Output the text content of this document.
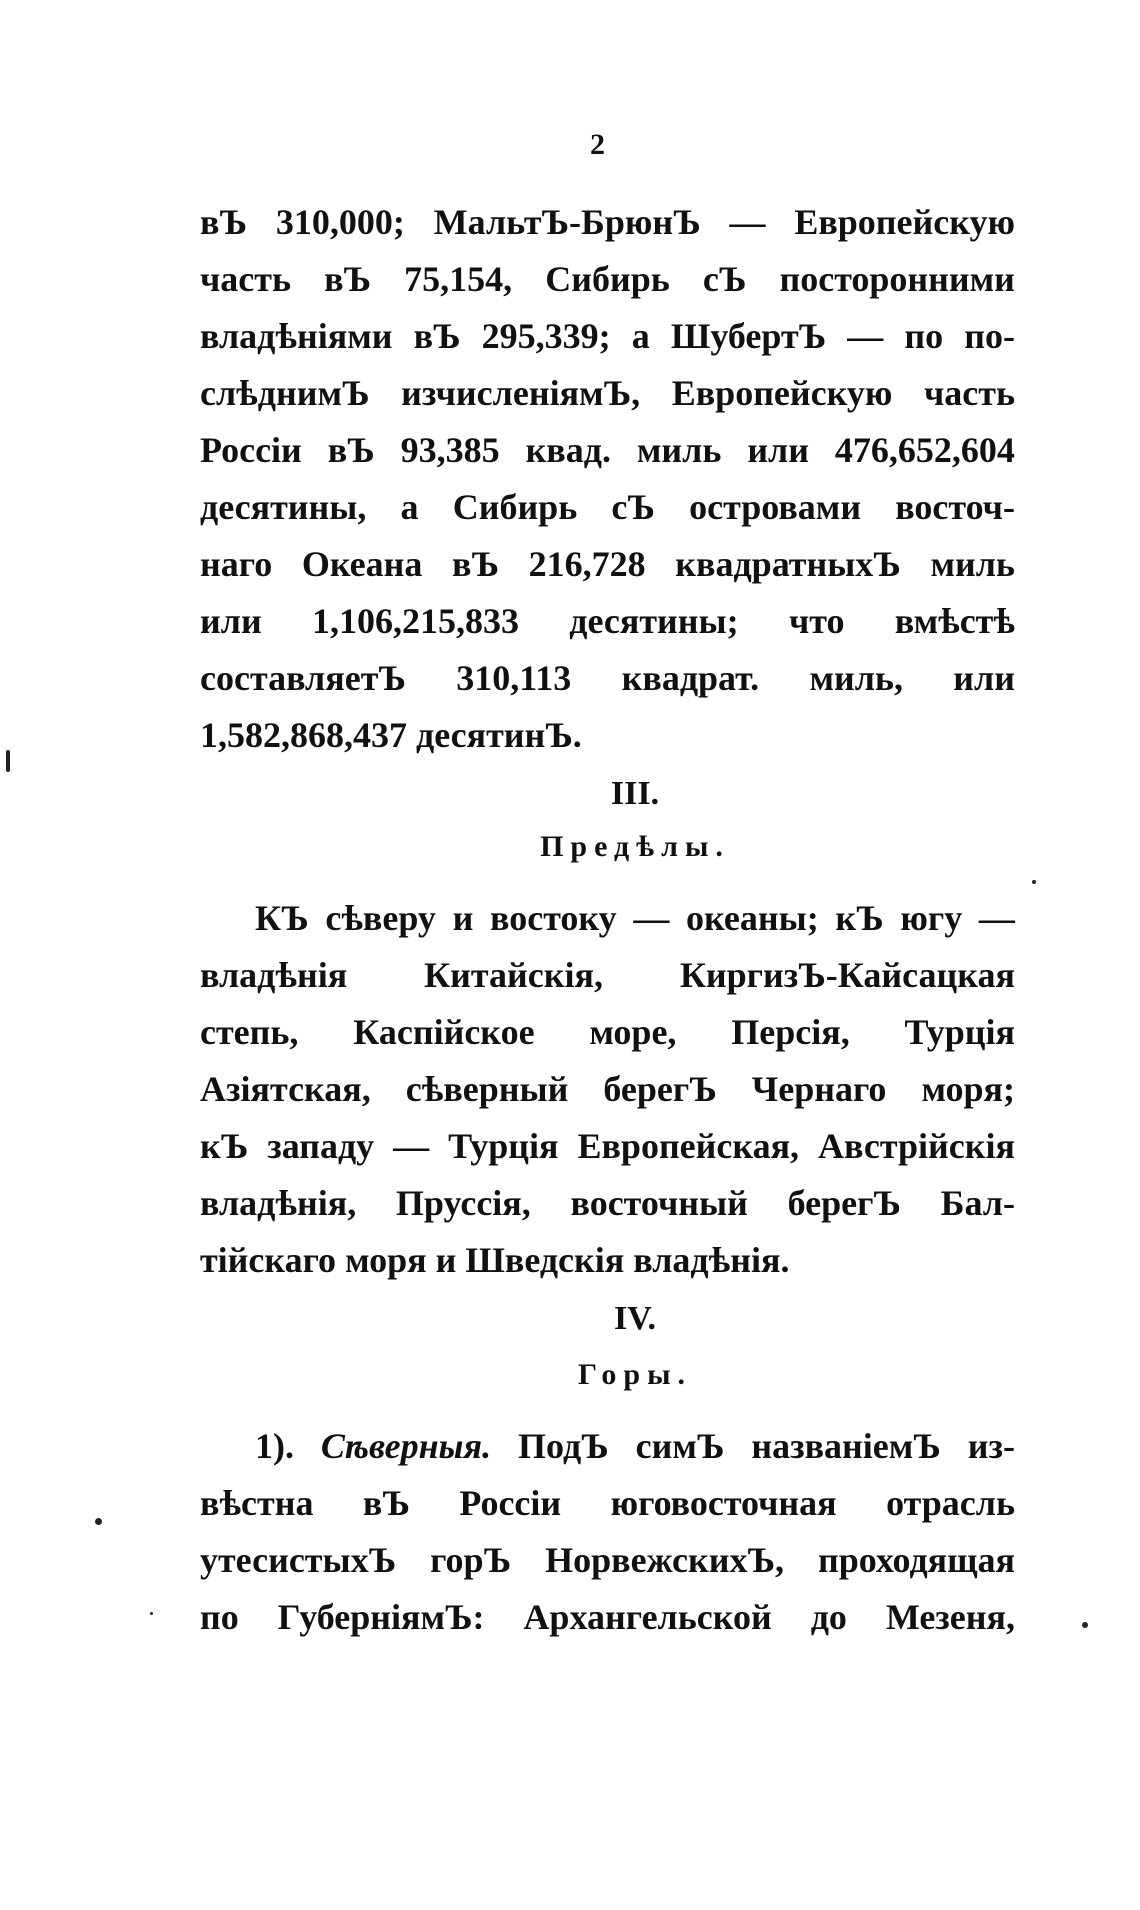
2
вЪ 310,000; МальтЪ-БрюнЪ — Европейскую
часть вЪ 75,154, Сибирь сЪ посторонними
владѣніями вЪ 295,339; а ШубертЪ — по по-
слѣднимЪ изчисленіямЪ, Европейскую часть
Россіи вЪ 93,385 квад. миль или 476,652,604
десятины, а Сибирь сЪ островами восточ-
наго Океана вЪ 216,728 квадратныхЪ миль
или 1,106,215,833 десятины; что вмѣстѣ
составляетЪ 310,113 квадрат. миль, или
1,582,868,437
десятинЪ.
III.
Предѣлы.
КЪ сѣверу и востоку — океаны; кЪ югу —
владѣнія Китайскія, КиргизЪ-Кайсацкая
степь, Каспійское море, Персія, Турція
Азіятская, сѣверный берегЪ Чернаго моря;
кЪ западу — Турція Европейская, Австрійскія
владѣнія, Пруссія, восточный берегЪ Бал-
тійскаго
моря
и
Шведскія
владѣнія.
IV.
Горы.
1). Сѣверныя. ПодЪ симЪ названіемЪ из-
вѣстна вЪ Россіи юговосточная отрасль
утесистыхЪ горЪ НорвежскихЪ, проходящая
по ГуберніямЪ: Архангельской до Мезеня,
